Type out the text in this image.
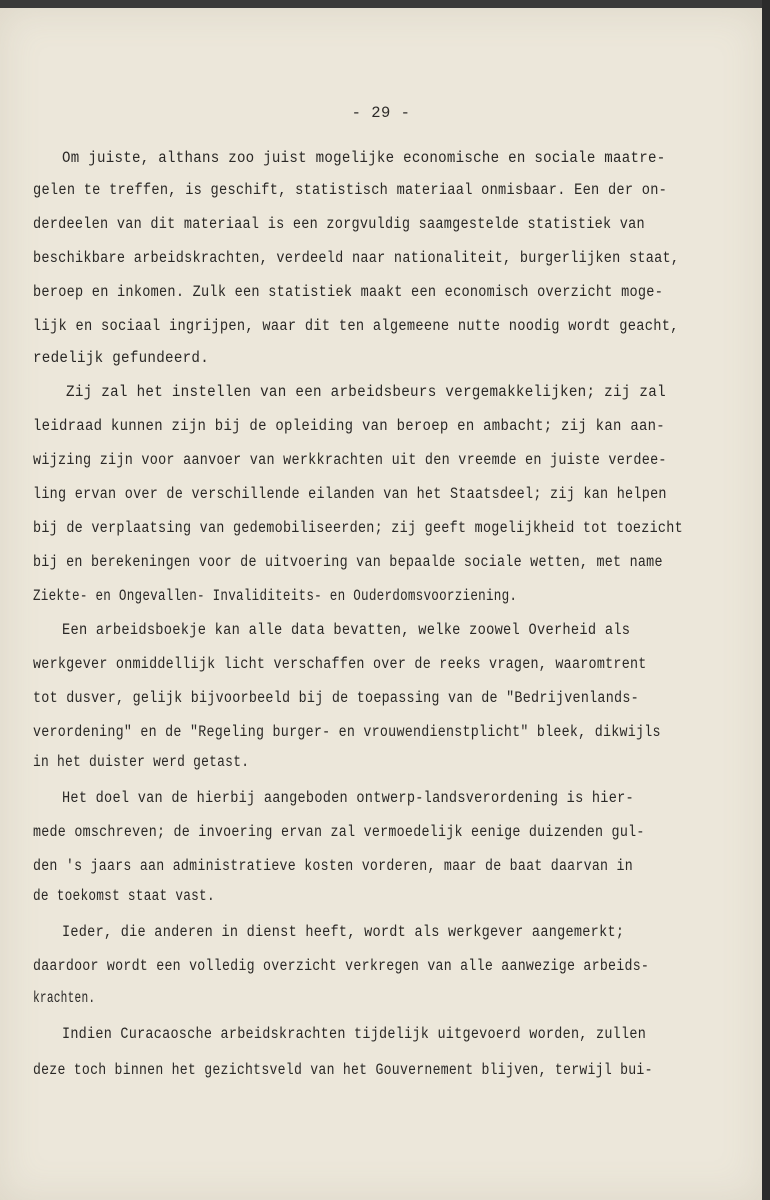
- 29 -
Om juiste, althans zoo juist mogelijke economische en sociale maatre-
gelen te treffen, is geschift, statistisch materiaal onmisbaar. Een der on-
derdeelen van dit materiaal is een zorgvuldig saamgestelde statistiek van
beschikbare arbeidskrachten, verdeeld naar nationaliteit, burgerlijken staat,
beroep en inkomen. Zulk een statistiek maakt een economisch overzicht moge-
lijk en sociaal ingrijpen, waar dit ten algemeene nutte noodig wordt geacht,
redelijk gefundeerd.
Zij zal het instellen van een arbeidsbeurs vergemakkelijken; zij zal
leidraad kunnen zijn bij de opleiding van beroep en ambacht; zij kan aan-
wijzing zijn voor aanvoer van werkkrachten uit den vreemde en juiste verdee-
ling ervan over de verschillende eilanden van het Staatsdeel; zij kan helpen
bij de verplaatsing van gedemobiliseerden; zij geeft mogelijkheid tot toezicht
bij en berekeningen voor de uitvoering van bepaalde sociale wetten, met name
Ziekte- en Ongevallen- Invaliditeits- en Ouderdomsvoorziening.
Een arbeidsboekje kan alle data bevatten, welke zoowel Overheid als
werkgever onmiddellijk licht verschaffen over de reeks vragen, waaromtrent
tot dusver, gelijk bijvoorbeeld bij de toepassing van de "Bedrijvenlands-
verordening" en de "Regeling burger- en vrouwendienstplicht" bleek, dikwijls
in het duister werd getast.
Het doel van de hierbij aangeboden ontwerp-landsverordening is hier-
mede omschreven; de invoering ervan zal vermoedelijk eenige duizenden gul-
den 's jaars aan administratieve kosten vorderen, maar de baat daarvan in
de toekomst staat vast.
Ieder, die anderen in dienst heeft, wordt als werkgever aangemerkt;
daardoor wordt een volledig overzicht verkregen van alle aanwezige arbeids-
krachten.
Indien Curacaosche arbeidskrachten tijdelijk uitgevoerd worden, zullen
deze toch binnen het gezichtsveld van het Gouvernement blijven, terwijl bui-
